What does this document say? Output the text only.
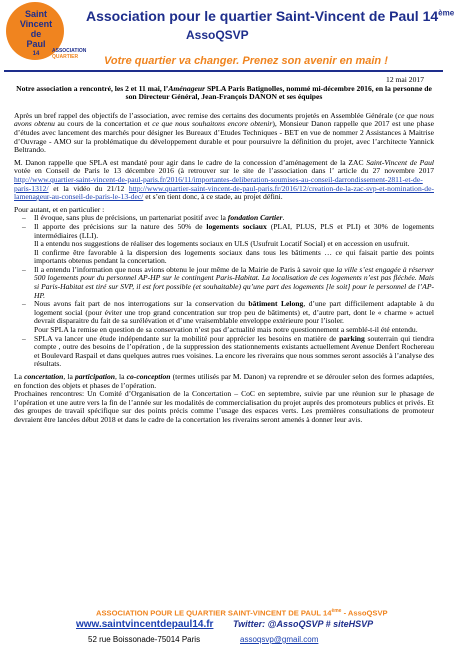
Saint
Vincent
de
Paul
14	ASSOCIATION
QUARTIER
Association pour le quartier Saint-Vincent de Paul 14ème
AssoQSVP
Votre quartier va changer. Prenez son avenir en main !

12 mai 2017

Notre association a rencontré, les 2 et 11 mai, l’Aménageur SPLA Paris Batignolles, nommé mi-décembre 2016, en la personne de son Directeur Général, Jean-François DANON et ses équipes

Après un bref rappel des objectifs de l’association, avec remise des certains des documents projetés en Assemblée Générale (ce que nous avons obtenu au cours de la concertation et ce que nous souhaitons encore obtenir), Monsieur Danon rappelle que 2017 est une phase d’études avec lancement des marchés pour désigner les Bureaux d’Etudes Techniques - BET en vue de nommer 2 Assistances à Maitrise d’Ouvrage - AMO sur la problématique du développement durable et pour poursuivre la définition du projet, avec l’architecte Yannick Beltrando.

M. Danon rappelle que SPLA est mandaté pour agir dans le cadre de la concession d’aménagement de la ZAC Saint-Vincent de Paul votée en Conseil de Paris le 13 décembre 2016 (à retrouver sur le site de l’association dans l’ article du 27 novembre 2017 http://www.quartier-saint-vincent-de-paul-paris.fr/2016/11/importantes-deliberation-soumises-au-conseil-darrondissement-2811-et-de-paris-1312/ et la vidéo du 21/12 http://www.quartier-saint-vincent-de-paul-paris.fr/2016/12/creation-de-la-zac-svp-et-nomination-de-lamenageur-au-conseil-de-paris-le-13-dec/ et s’en tient donc, à ce stade, au projet défini.

Pour autant, et en particulier :

– Il évoque, sans plus de précisions, un partenariat positif avec la fondation Cartier.
– Il apporte des précisions sur la nature des 50% de logements sociaux (PLAI, PLUS, PLS et PLI) et 30% de logements intermédiaires (LLI).
Il a entendu nos suggestions de réaliser des logements sociaux en ULS (Usufruit Locatif Social) et en accession en usufruit.
Il confirme être favorable à la dispersion des logements sociaux dans tous les bâtiments … ce qui faisait partie des points importants obtenus pendant la concertation.
– Il a entendu l’information que nous avions obtenu le jour même de la Mairie de Paris à savoir que la ville s’est engagée à réserver 500 logements pour du personnel AP-HP sur le contingent Paris-Habitat. La localisation de ces logements n’est pas fléchée. Mais si Paris-Habitat est tiré sur SVP, il est fort possible (et souhaitable) qu’une part des logements [le soit] pour le personnel de l’AP-HP.
– Nous avons fait part de nos interrogations sur la conservation du bâtiment Lelong, d’une part difficilement adaptable à du logement social (pour éviter une trop grand concentration sur trop peu de bâtiments) et, d’autre part, dont le « charme » actuel devrait disparaitre du fait de sa surélévation et d’une vraisemblable enveloppe extérieure pour l’isoler.
Pour SPLA la remise en question de sa conservation n’est pas d’actualité mais notre questionnement a semblé-t-il été entendu.
– SPLA va lancer une étude indépendante sur la mobilité pour apprécier les besoins en matière de parking souterrain qui tiendra compte , outre des besoins de l’opération , de la suppression des stationnements existants actuellement Avenue Denfert Rochereau et Boulevard Raspail et dans quelques autres rues voisines. La encore les riverains que nous sommes seront associés à l’analyse des résultats.

La concertation, la participation, la co-conception (termes utilisés par M. Danon) va reprendre et se dérouler selon des formes adaptées, en fonction des objets et phases de l’opération.
Prochaines rencontres: Un Comité d’Organisation de la Concertation – CoC en septembre, suivie par une réunion sur le phasage de l’opération et une autre vers la fin de l’année sur les modalités de commercialisation du projet auprès des promoteurs publics et privés. Et des groupes de travail spécifique sur des points précis comme l’usage des espaces verts. Les premières consultations de promoteur devraient être lancées début 2018 et dans le cadre de la concertation les riverains seront amenés à donner leur avis.

ASSOCIATION POUR LE QUARTIER SAINT-VINCENT DE PAUL 14ème - AssoQSVP
www.saintvincentdepaul14.fr Twitter: @AssoQSVP # siteHSVP
52 rue Boissonade-75014 Paris	assoqsvp@gmail.com
